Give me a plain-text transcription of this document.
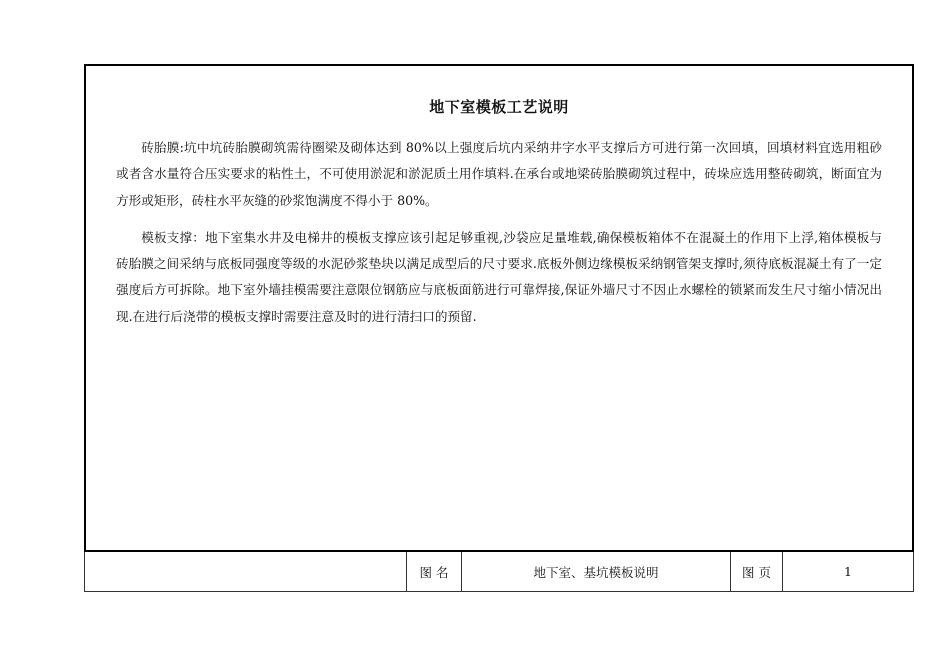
地下室模板工艺说明

砖胎膜:坑中坑砖胎膜砌筑需待圈梁及砌体达到 80%以上强度后坑内采纳井字水平支撑后方可进行第一次回填，回填材料宜选用粗砂或者含水量符合压实要求的粘性土，不可使用淤泥和淤泥质土用作填料.在承台或地梁砖胎膜砌筑过程中，砖垛应选用整砖砌筑，断面宜为方形或矩形，砖柱水平灰缝的砂浆饱满度不得小于 80%。

模板支撑：地下室集水井及电梯井的模板支撑应该引起足够重视,沙袋应足量堆载,确保模板箱体不在混凝土的作用下上浮,箱体模板与砖胎膜之间采纳与底板同强度等级的水泥砂浆垫块以满足成型后的尺寸要求.底板外侧边缘模板采纳钢管架支撑时,须待底板混凝土有了一定强度后方可拆除。地下室外墙挂模需要注意限位钢筋应与底板面筋进行可靠焊接,保证外墙尺寸不因止水螺栓的锁紧而发生尺寸缩小情况出现.在进行后浇带的模板支撑时需要注意及时的进行清扫口的预留.

图 名	地下室、基坑模板说明	图 页	1
